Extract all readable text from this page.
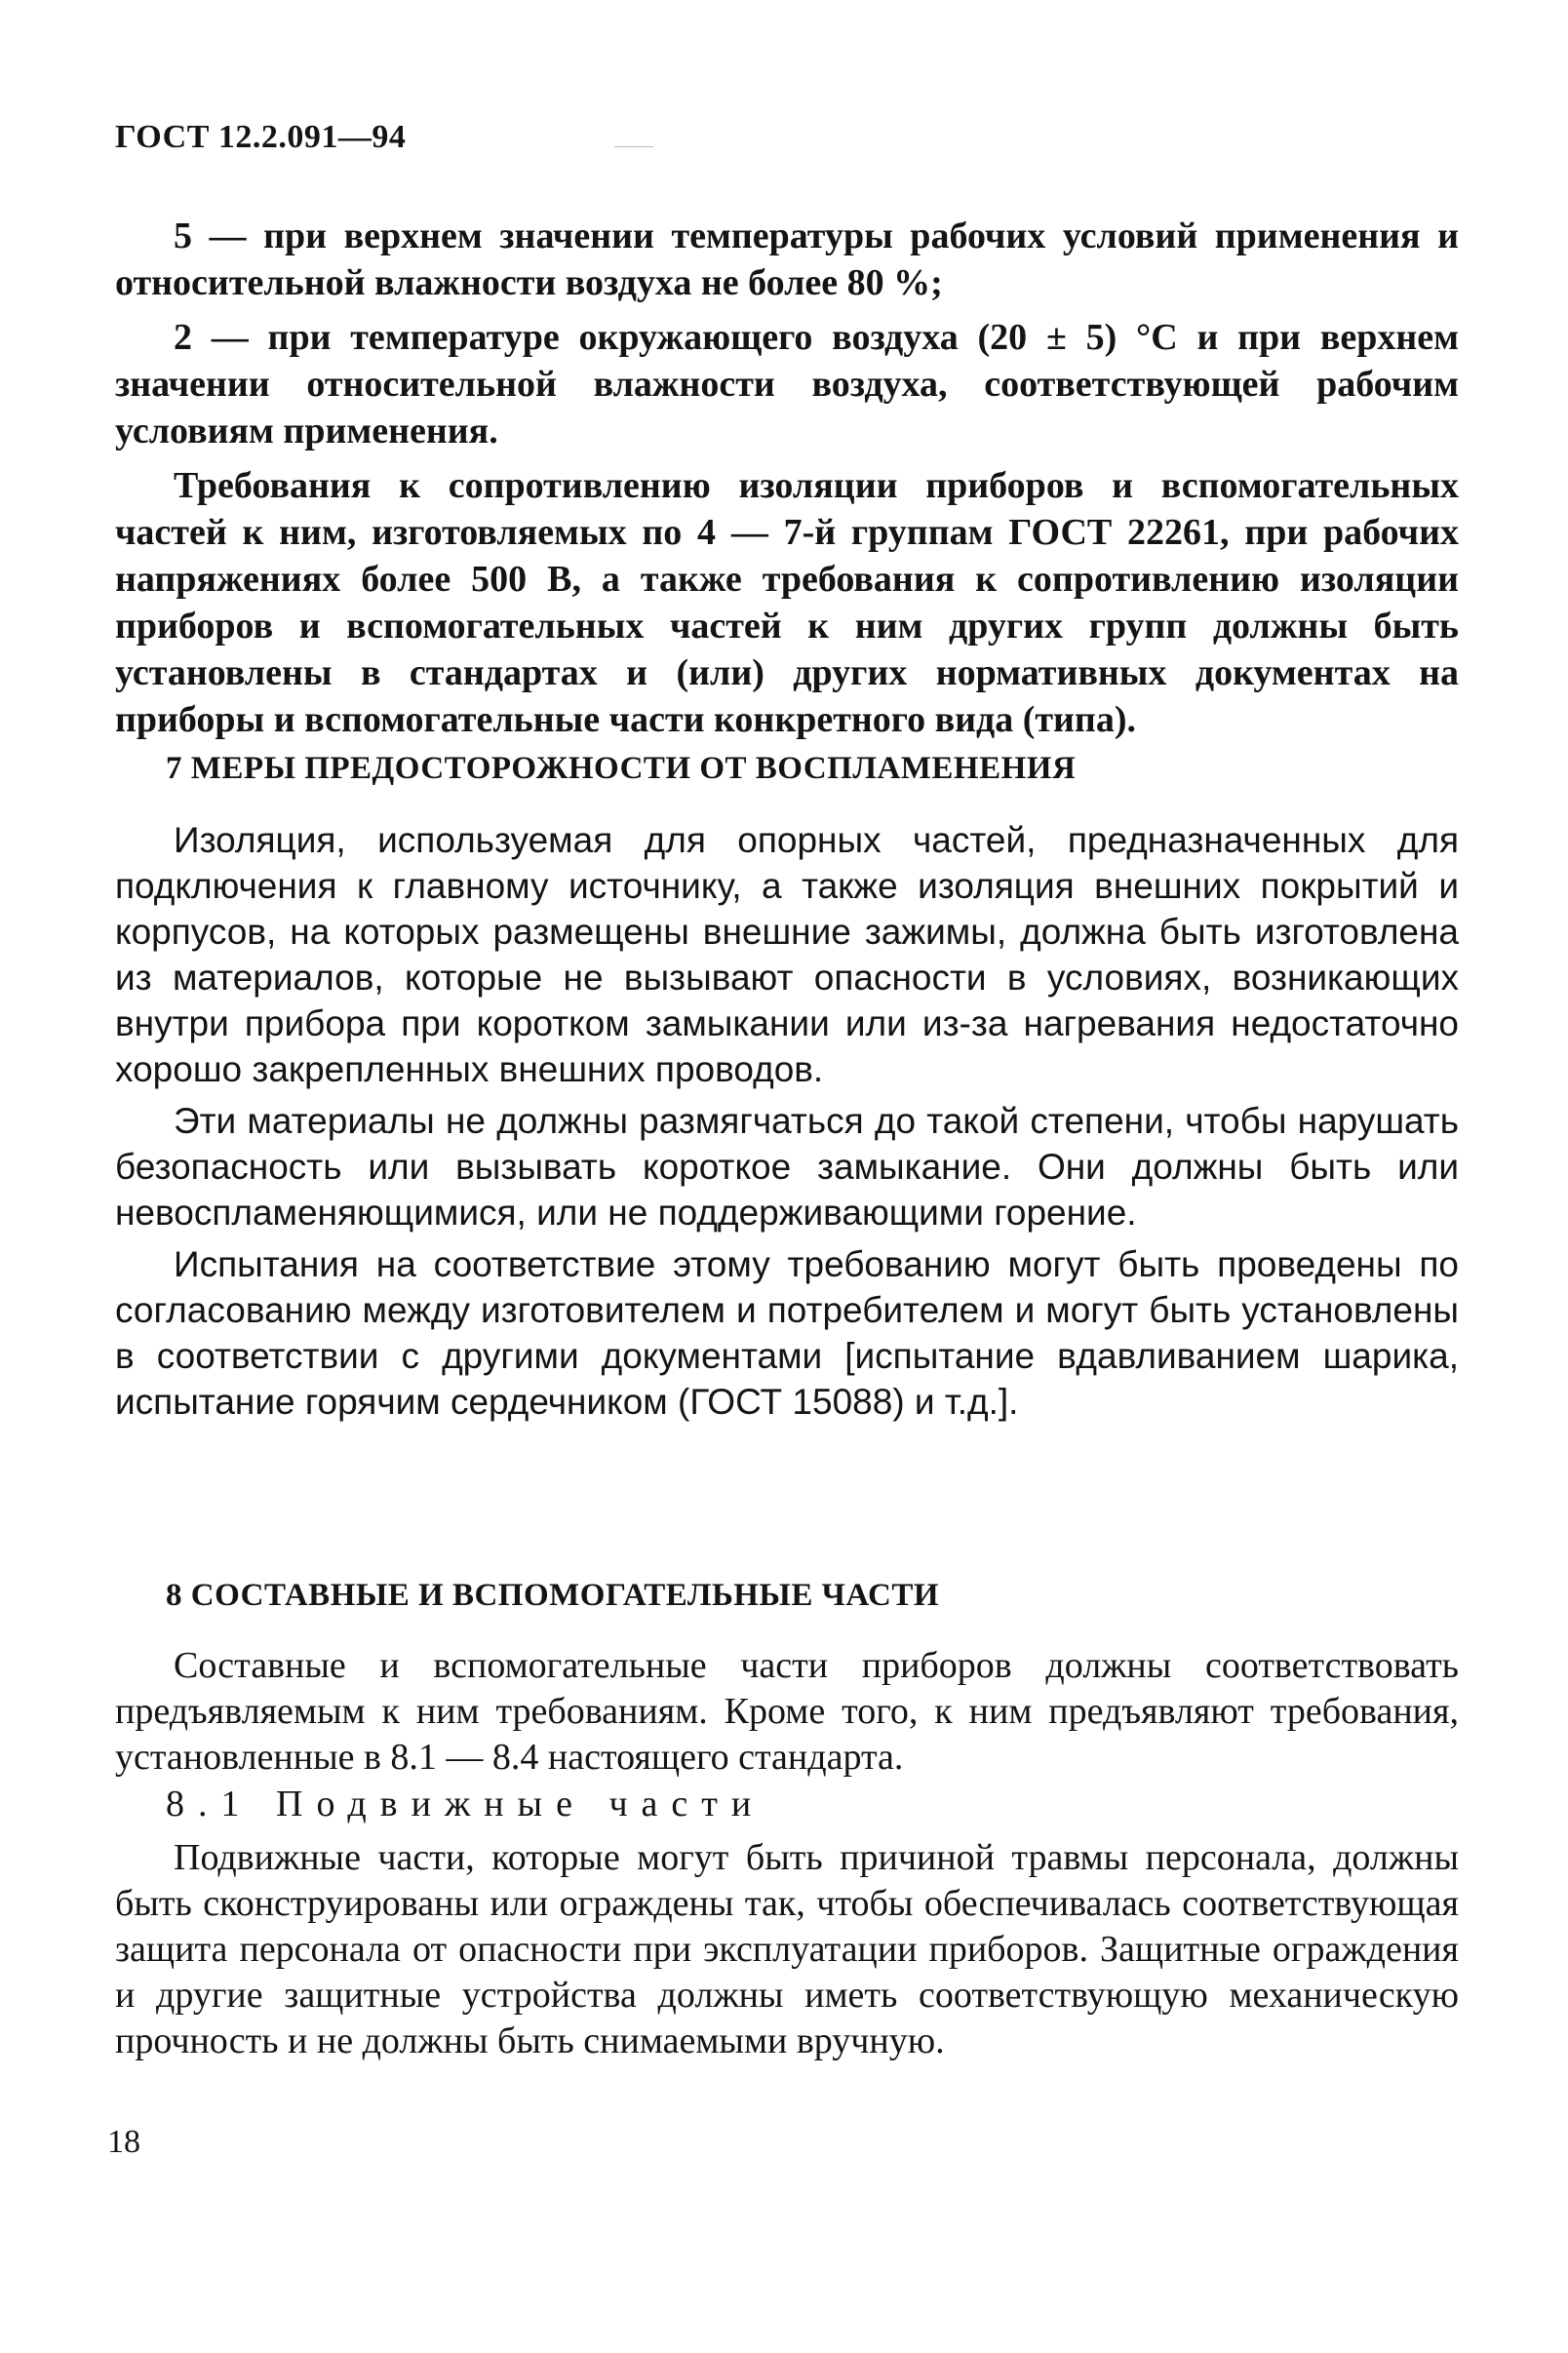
ГОСТ 12.2.091—94

5 — при верхнем значении температуры рабочих условий применения и относительной влажности воздуха не более 80 %;

2 — при температуре окружающего воздуха (20 ± 5) °С и при верхнем значении относительной влажности воздуха, соответствующей рабочим условиям применения.

Требования к сопротивлению изоляции приборов и вспомогательных частей к ним, изготовляемых по 4 — 7-й группам ГОСТ 22261, при рабочих напряжениях более 500 В, а также требования к сопротивлению изоляции приборов и вспомогательных частей к ним других групп должны быть установлены в стандартах и (или) других нормативных документах на приборы и вспомогательные части конкретного вида (типа).

7 МЕРЫ ПРЕДОСТОРОЖНОСТИ ОТ ВОСПЛАМЕНЕНИЯ

Изоляция, используемая для опорных частей, предназначенных для подключения к главному источнику, а также изоляция внешних покрытий и корпусов, на которых размещены внешние зажимы, должна быть изготовлена из материалов, которые не вызывают опасности в условиях, возникающих внутри прибора при коротком замыкании или из-за нагревания недостаточно хорошо закрепленных внешних проводов.

Эти материалы не должны размягчаться до такой степени, чтобы нарушать безопасность или вызывать короткое замыкание. Они должны быть или невоспламеняющимися, или не поддерживающими горение.

Испытания на соответствие этому требованию могут быть проведены по согласованию между изготовителем и потребителем и могут быть установлены в соответствии с другими документами [испытание вдавливанием шарика, испытание горячим сердечником (ГОСТ 15088) и т.д.].

8 СОСТАВНЫЕ И ВСПОМОГАТЕЛЬНЫЕ ЧАСТИ

Составные и вспомогательные части приборов должны соответствовать предъявляемым к ним требованиям. Кроме того, к ним предъявляют требования, установленные в 8.1 — 8.4 настоящего стандарта.

8.1 Подвижные части

Подвижные части, которые могут быть причиной травмы персонала, должны быть сконструированы или ограждены так, чтобы обеспечивалась соответствующая защита персонала от опасности при эксплуатации приборов. Защитные ограждения и другие защитные устройства должны иметь соответствующую механическую прочность и не должны быть снимаемыми вручную.

18
